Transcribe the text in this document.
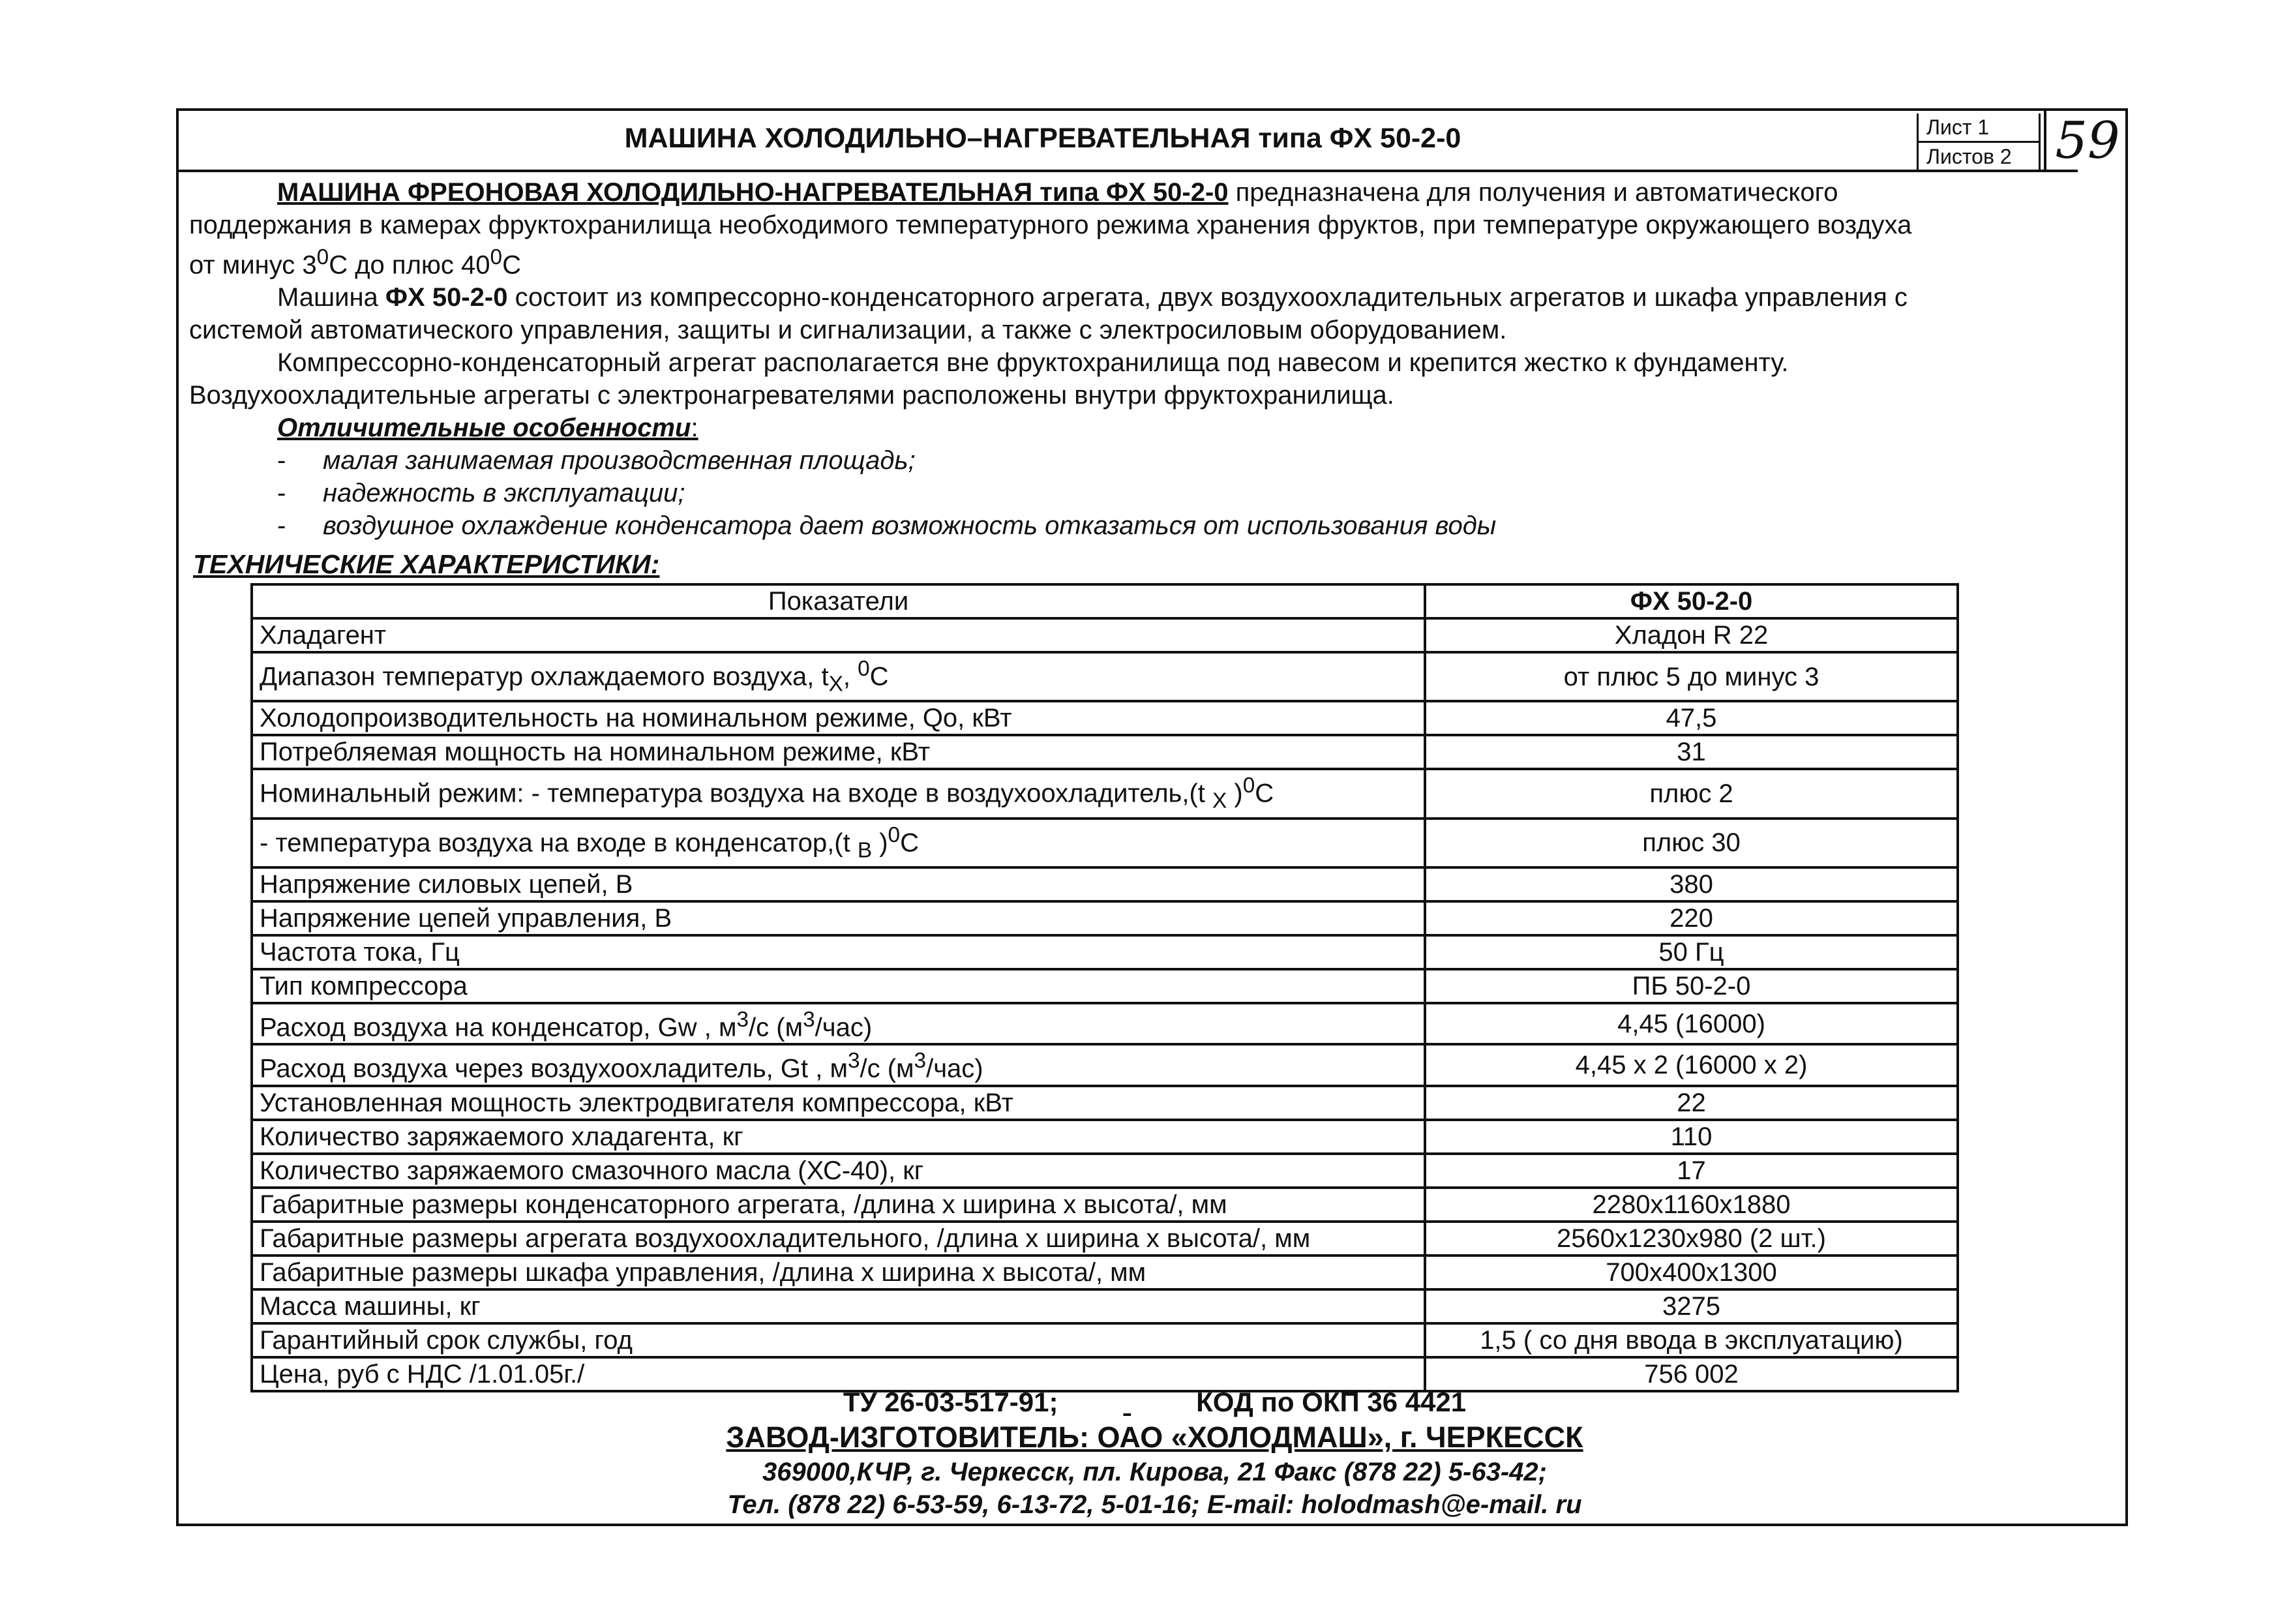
МАШИНА ХОЛОДИЛЬНО–НАГРЕВАТЕЛЬНАЯ типа ФХ 50-2-0	Лист 1
Листов 2 59
МАШИНА ФРЕОНОВАЯ ХОЛОДИЛЬНО-НАГРЕВАТЕЛЬНАЯ типа ФХ 50-2-0 предназначена для получения и автоматического
поддержания в камерах фруктохранилища необходимого температурного режима хранения фруктов, при температуре окружающего воздуха
от минус $3^0С$ до плюс $40^0С$
Машина ФХ 50-2-0 состоит из компрессорно-конденсаторного агрегата, двух воздухоохладительных агрегатов и шкафа управления с
системой автоматического управления, защиты и сигнализации, а также с электросиловым оборудованием.
Компрессорно-конденсаторный агрегат располагается вне фруктохранилища под навесом и крепится жестко к фундаменту.
Воздухоохладительные агрегаты с электронагревателями расположены внутри фруктохранилища.
Отличительные особенности:
- малая занимаемая производственная площадь;
- надежность в эксплуатации;
- воздушное охлаждение конденсатора дает возможность отказаться от использования воды
ТЕХНИЧЕСКИЕ ХАРАКТЕРИСТИКИ:
Показатели	ФХ 50-2-0
Хладагент	Хладон R 22
Диапазон температур охлаждаемого воздуха, $t_X$, $^0$С	от плюс 5 до минус 3
Холодопроизводительность на номинальном режиме, Qo, кВт	47,5
Потребляемая мощность на номинальном режиме, кВт	31
Номинальный режим: - температура воздуха на входе в воздухоохладитель,(t $_X$ )$^0$С	плюс 2
- температура воздуха на входе в конденсатор,(t $_В$ )$^0$С	плюс 30
Напряжение силовых цепей, В	380
Напряжение цепей управления, В	220
Частота тока, Гц	50 Гц
Тип компрессора	ПБ 50-2-0
Расход воздуха на конденсатор, Gw , $м^3/с$ $(м^3/час)$	4,45 (16000)
Расход воздуха через воздухоохладитель, Gt , $м^3/с$ $(м^3/час)$	4,45 х 2 (16000 х 2)
Установленная мощность электродвигателя компрессора, кВт	22
Количество заряжаемого хладагента, кг	110
Количество заряжаемого смазочного масла (ХС-40), кг	17
Габаритные размеры конденсаторного агрегата, /длина х ширина х высота/, мм	2280х1160х1880
Габаритные размеры агрегата воздухоохладительного, /длина х ширина х высота/, мм	2560х1230х980 (2 шт.)
Габаритные размеры шкафа управления, /длина х ширина х высота/, мм	700х400х1300
Масса машины, кг	3275
Гарантийный срок службы, год	1,5 ( со дня ввода в эксплуатацию)
Цена, руб с НДС /1.01.05г./	756 002
ТУ 26-03-517-91;	КОД по ОКП 36 4421
ЗАВОД-ИЗГОТОВИТЕЛЬ: ОАО «ХОЛОДМАШ», г. ЧЕРКЕССК
369000,КЧР, г. Черкесск, пл. Кирова, 21 Факс (878 22) 5-63-42;
Тел. (878 22) 6-53-59, 6-13-72, 5-01-16; E-mail: holodmash@e-mail. ru
